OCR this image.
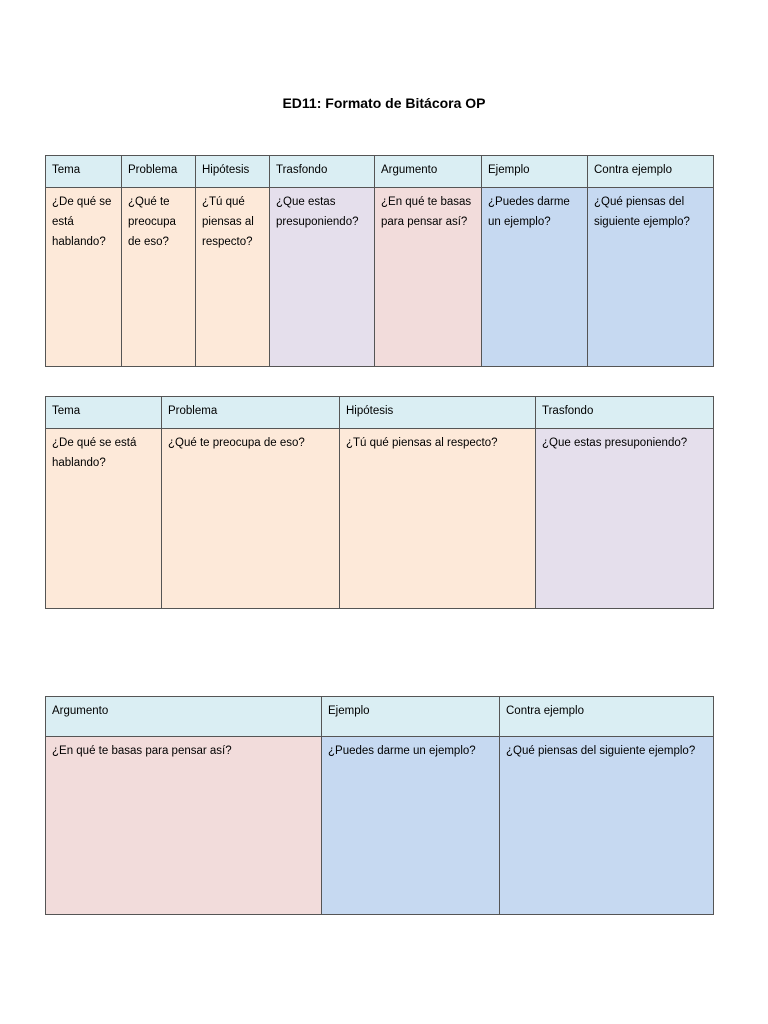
ED11: Formato de Bitácora OP
Tema	Problema	Hipótesis	Trasfondo	Argumento	Ejemplo	Contra ejemplo
¿De qué se está hablando?	¿Qué te preocupa de eso?	¿Tú qué piensas al respecto?	¿Que estas presuponiendo?	¿En qué te basas para pensar así?	¿Puedes darme un ejemplo?	¿Qué piensas del siguiente ejemplo?
Tema	Problema	Hipótesis	Trasfondo
¿De qué se está hablando?	¿Qué te preocupa de eso?	¿Tú qué piensas al respecto?	¿Que estas presuponiendo?
Argumento	Ejemplo	Contra ejemplo
¿En qué te basas para pensar así?	¿Puedes darme un ejemplo?	¿Qué piensas del siguiente ejemplo?
